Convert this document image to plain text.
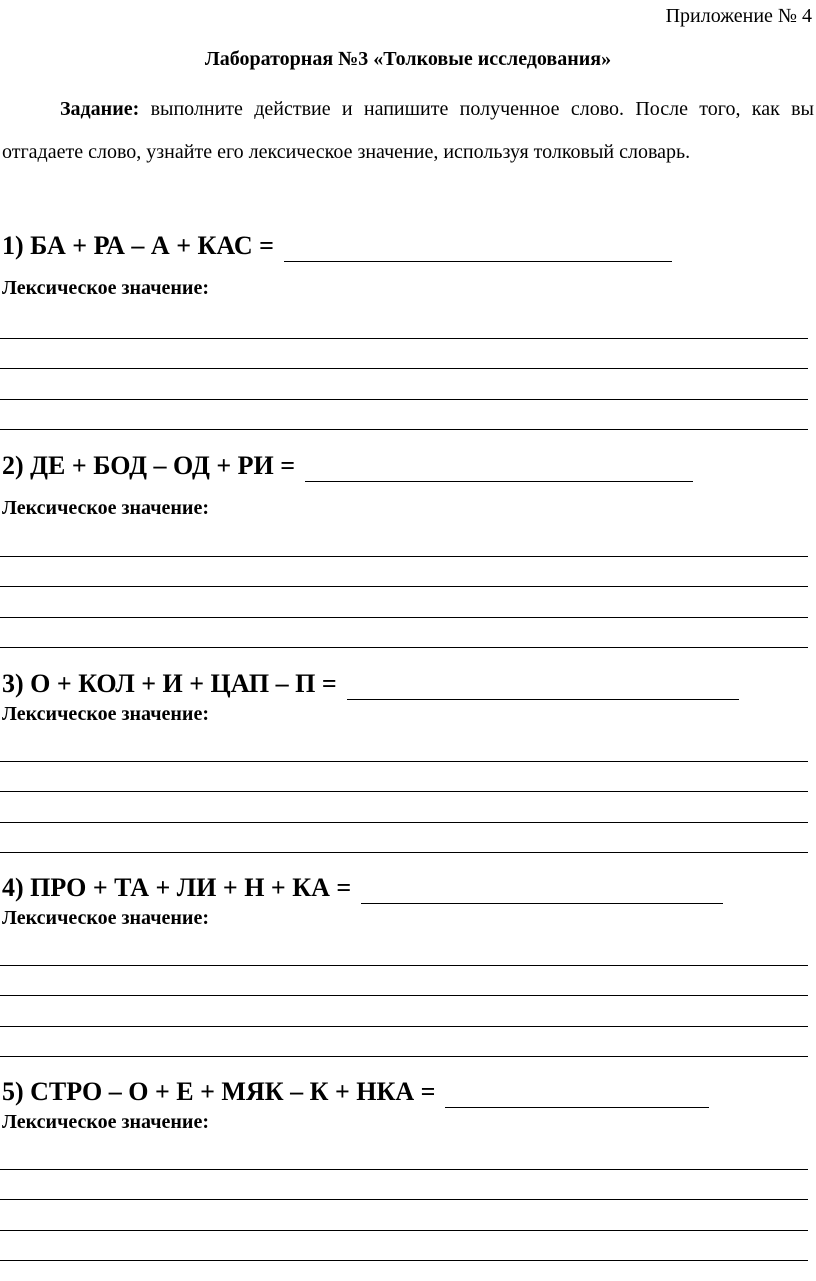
Приложение № 4
Лабораторная №3 «Толковые исследования»
Задание: выполните действие и напишите полученное слово. После того, как вы отгадаете слово, узнайте его лексическое значение, используя толковый словарь.
1) БА + РА – А + КАС =
Лексическое значение:
2) ДЕ + БОД – ОД + РИ =
Лексическое значение:
3) О + КОЛ + И + ЦАП – П =
Лексическое значение:
4) ПРО + ТА + ЛИ + Н + КА =
Лексическое значение:
5) СТРО – О + Е + МЯК – К + НКА =
Лексическое значение:
